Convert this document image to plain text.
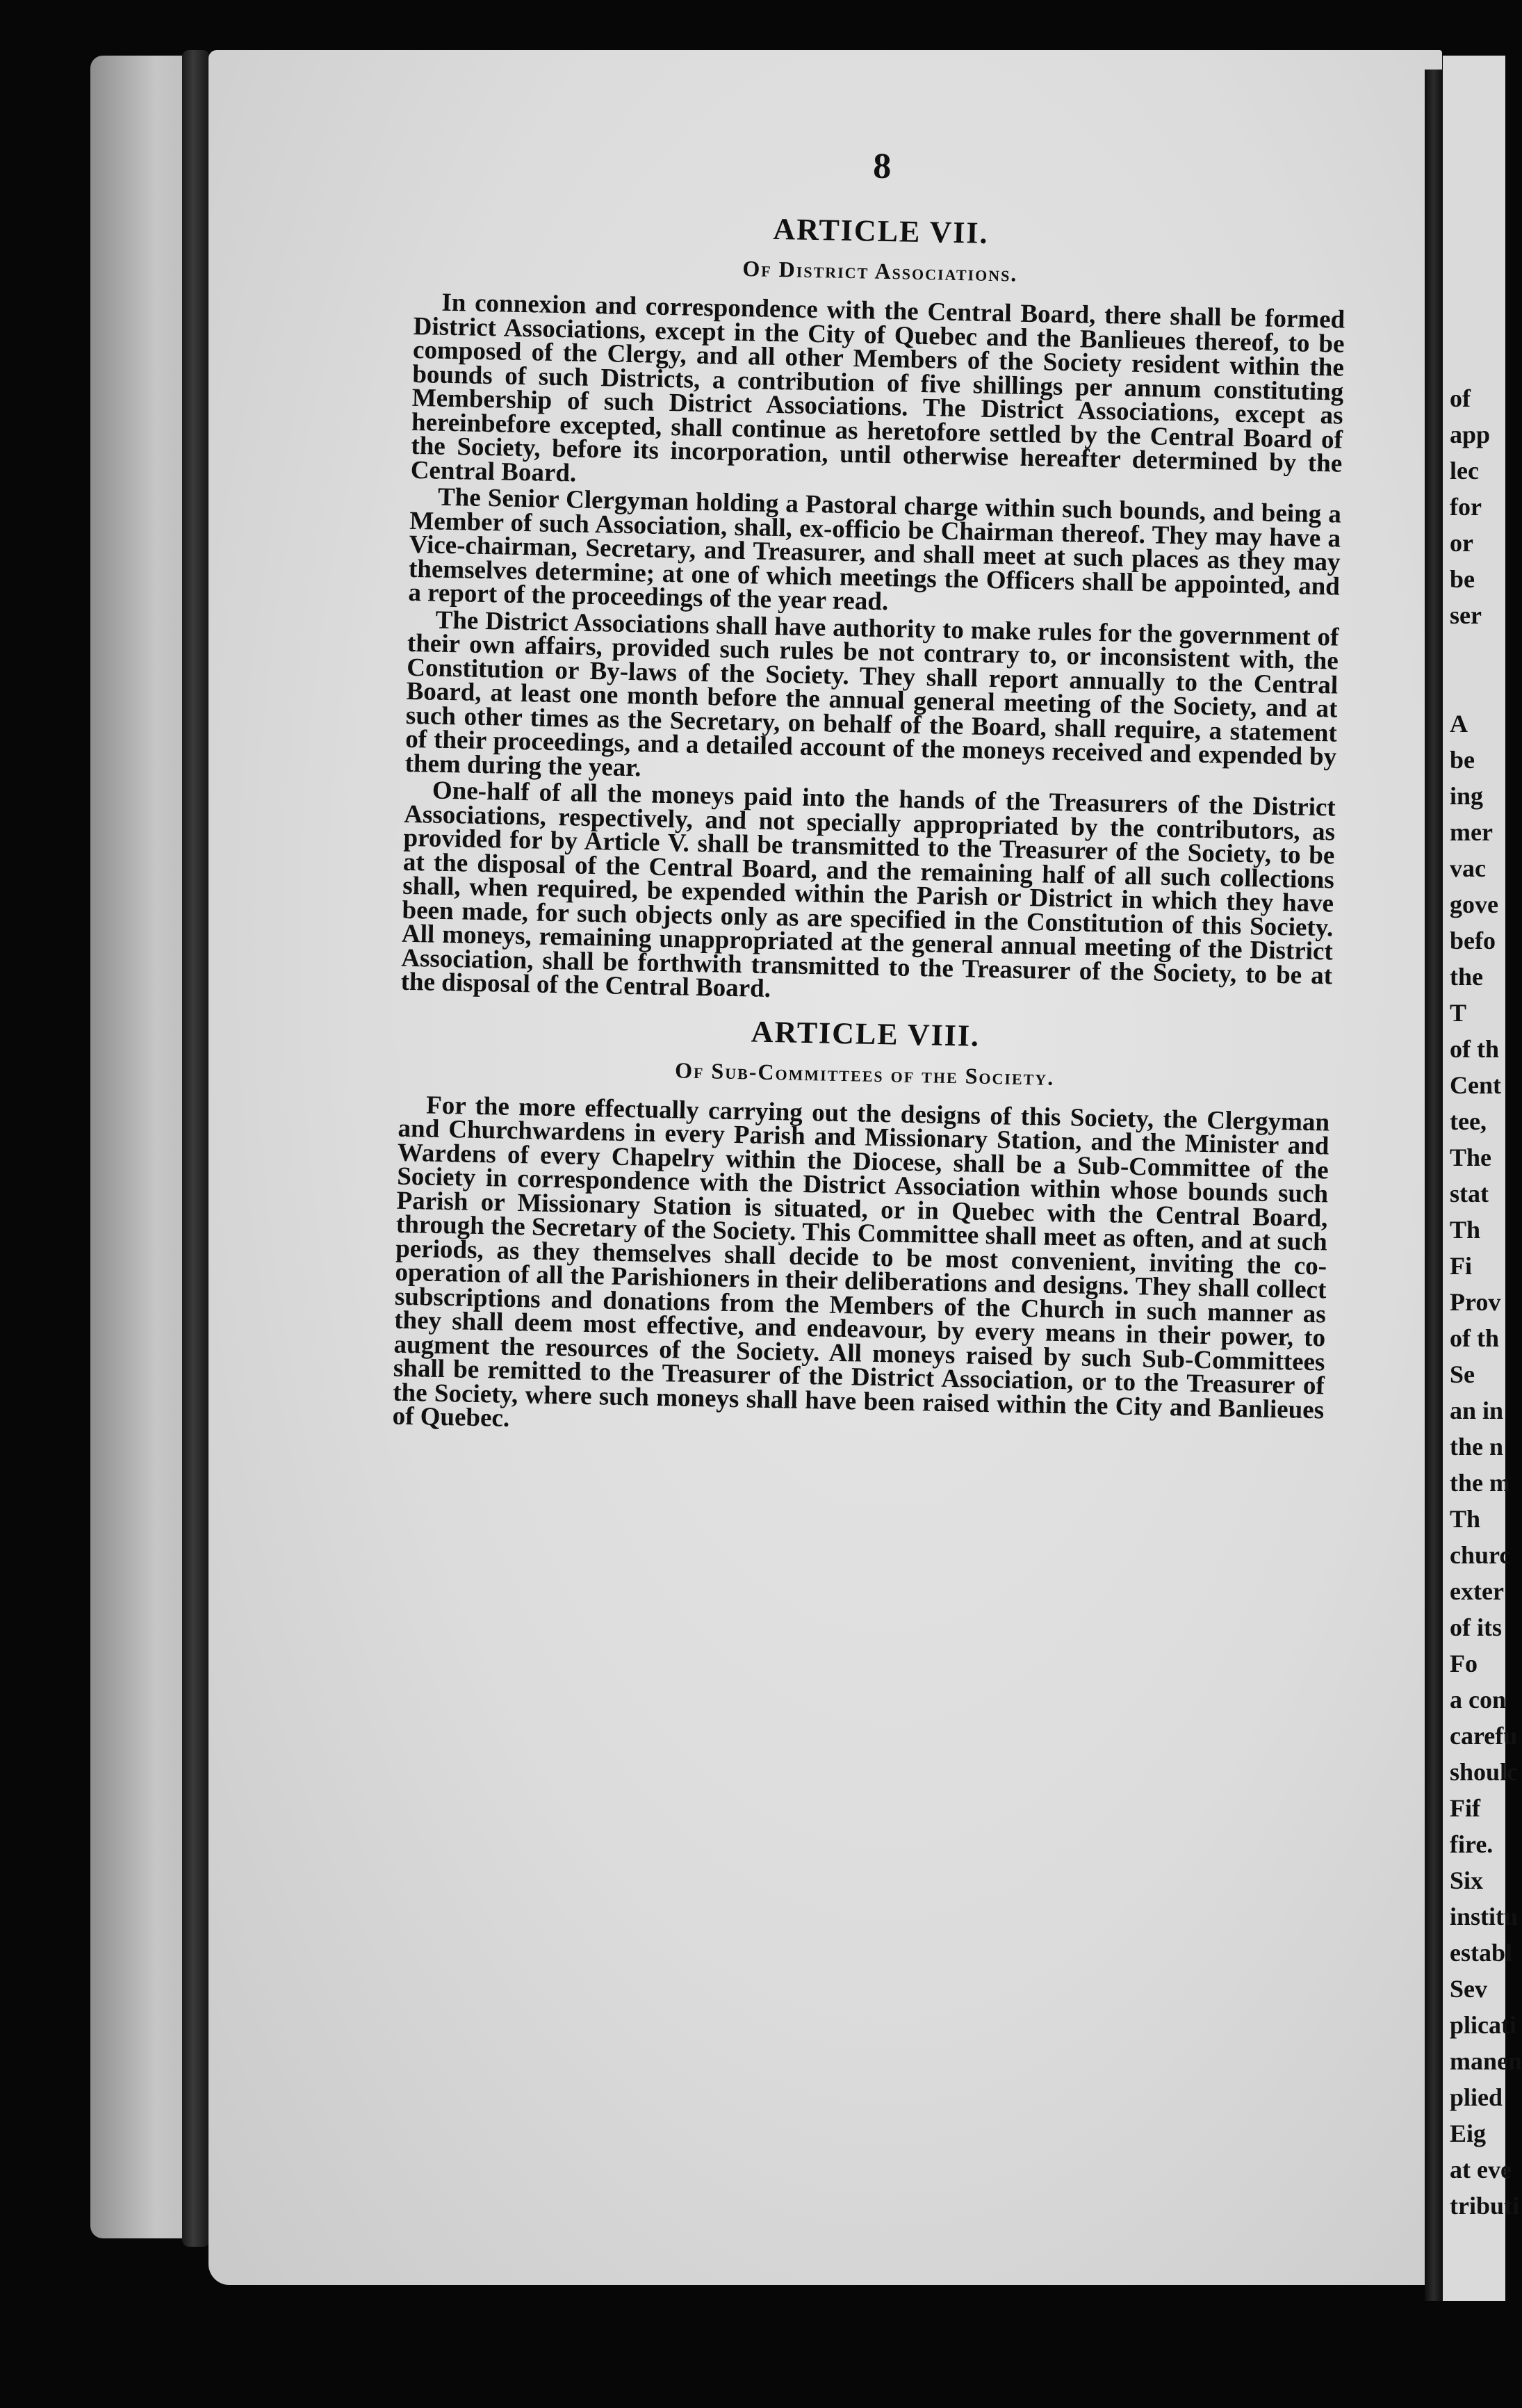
8
ARTICLE VII.
Of District Associations.

In connexion and correspondence with the Central Board, there shall be formed District Associations, except in the City of Quebec and the Banlieues thereof, to be composed of the Clergy, and all other Members of the Society resident within the bounds of such Districts, a contribution of five shillings per annum constituting Membership of such District Associations. The District Associations, except as hereinbefore excepted, shall continue as heretofore settled by the Central Board of the Society, before its incorporation, until otherwise hereafter determined by the Central Board.

The Senior Clergyman holding a Pastoral charge within such bounds, and being a Member of such Association, shall, ex-officio be Chairman thereof. They may have a Vice-chairman, Secretary, and Treasurer, and shall meet at such places as they may themselves determine; at one of which meetings the Officers shall be appointed, and a report of the proceedings of the year read.

The District Associations shall have authority to make rules for the government of their own affairs, provided such rules be not contrary to, or inconsistent with, the Constitution or By-laws of the Society. They shall report annually to the Central Board, at least one month before the annual general meeting of the Society, and at such other times as the Secretary, on behalf of the Board, shall require, a statement of their proceedings, and a detailed account of the moneys received and expended by them during the year.

One-half of all the moneys paid into the hands of the Treasurers of the District Associations, respectively, and not specially appropriated by the contributors, as provided for by Article V. shall be transmitted to the Treasurer of the Society, to be at the disposal of the Central Board, and the remaining half of all such collections shall, when required, be expended within the Parish or District in which they have been made, for such objects only as are specified in the Constitution of this Society. All moneys, remaining unappropriated at the general annual meeting of the District Association, shall be forthwith transmitted to the Treasurer of the Society, to be at the disposal of the Central Board.

ARTICLE VIII.
Of Sub-Committees of the Society.

For the more effectually carrying out the designs of this Society, the Clergyman and Churchwardens in every Parish and Missionary Station, and the Minister and Wardens of every Chapelry within the Diocese, shall be a Sub-Committee of the Society in correspondence with the District Association within whose bounds such Parish or Missionary Station is situated, or in Quebec with the Central Board, through the Secretary of the Society. This Committee shall meet as often, and at such periods, as they themselves shall decide to be most convenient, inviting the co-operation of all the Parishioners in their deliberations and designs. They shall collect subscriptions and donations from the Members of the Church in such manner as they shall deem most effective, and endeavour, by every means in their power, to augment the resources of the Society. All moneys raised by such Sub-Committees shall be remitted to the Treasurer of the District Association, or to the Treasurer of the Society, where such moneys shall have been raised within the City and Banlieues of Quebec.

of
app
lec
for
or
be
ser
A
be
ing
mer
vac
gove
befo
the
T
of th
Cent
tee,
The
stat
Th
Fi
Prov
of th
Se
an in
the n
the m
Th
churc
exter
of its
Fo
a con
carefu
shoulc
Fif
fire.
Six
institu
establ
Sev
plicati
manen
plied
Eig
at eve
tributi
